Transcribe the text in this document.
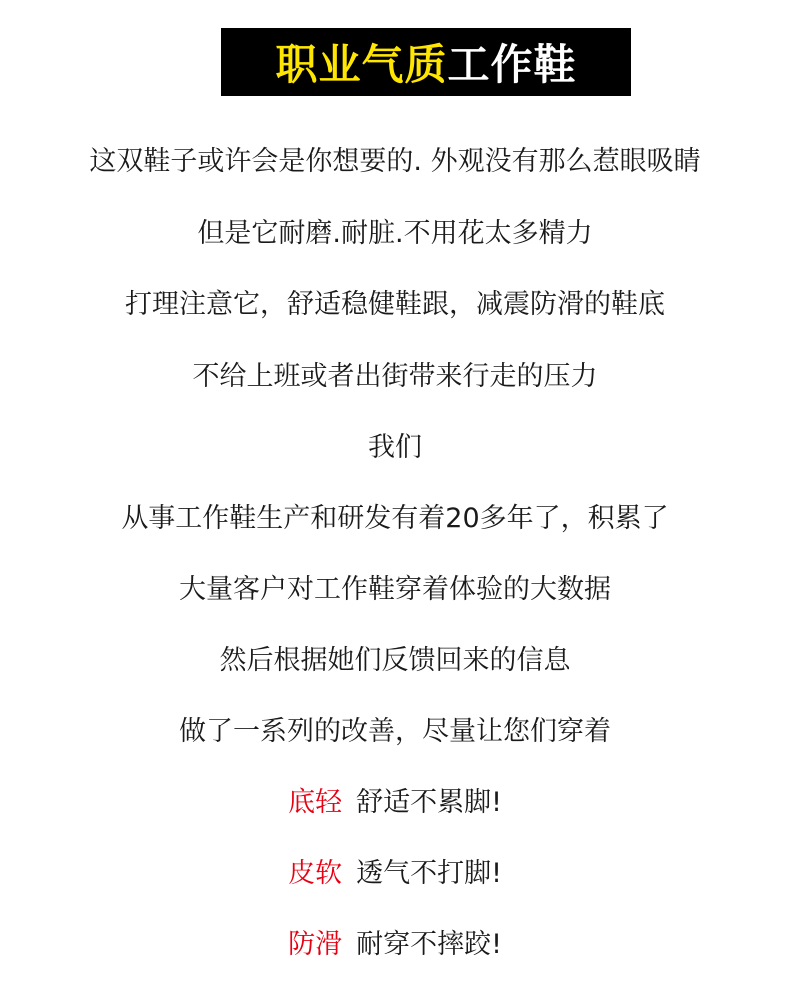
职业气质 工作鞋
这双鞋子或许会是你想要的. 外观没有那么惹眼吸睛
但是它耐磨.耐脏.不用花太多精力
打理注意它，舒适稳健鞋跟，减震防滑的鞋底
不给上班或者出街带来行走的压力
我们
从事工作鞋生产和研发有着20多年了，积累了
大量客户对工作鞋穿着体验的大数据
然后根据她们反馈回来的信息
做了一系列的改善，尽量让您们穿着
底轻 舒适不累脚!
皮软 透气不打脚!
防滑 耐穿不摔跤!
